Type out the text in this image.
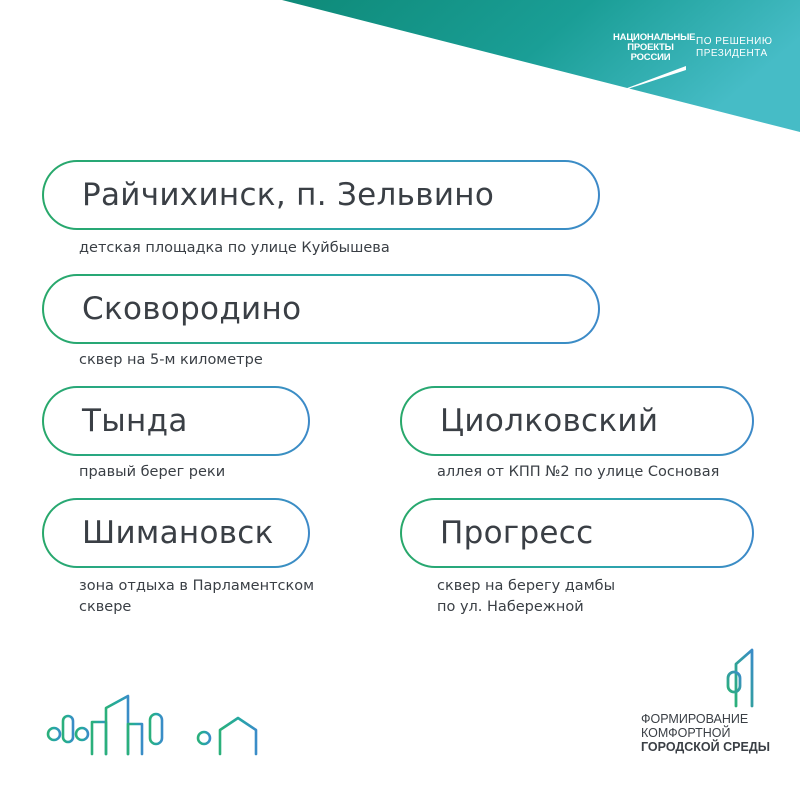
НАЦИОНАЛЬНЫЕ
ПРОЕКТЫ
РОССИИ
ПО РЕШЕНИЮ
ПРЕЗИДЕНТА
Райчихинск, п. Зельвино
детская площадка по улице Куйбышева
Сковородино
сквер на 5-м километре
Тында
правый берег реки
Циолковский
аллея от КПП №2 по улице Сосновая
Шимановск
зона отдыха в Парламентском
сквере
Прогресс
сквер на берегу дамбы
по ул. Набережной
ФОРМИРОВАНИЕ
КОМФОРТНОЙ
ГОРОДСКОЙ СРЕДЫ
